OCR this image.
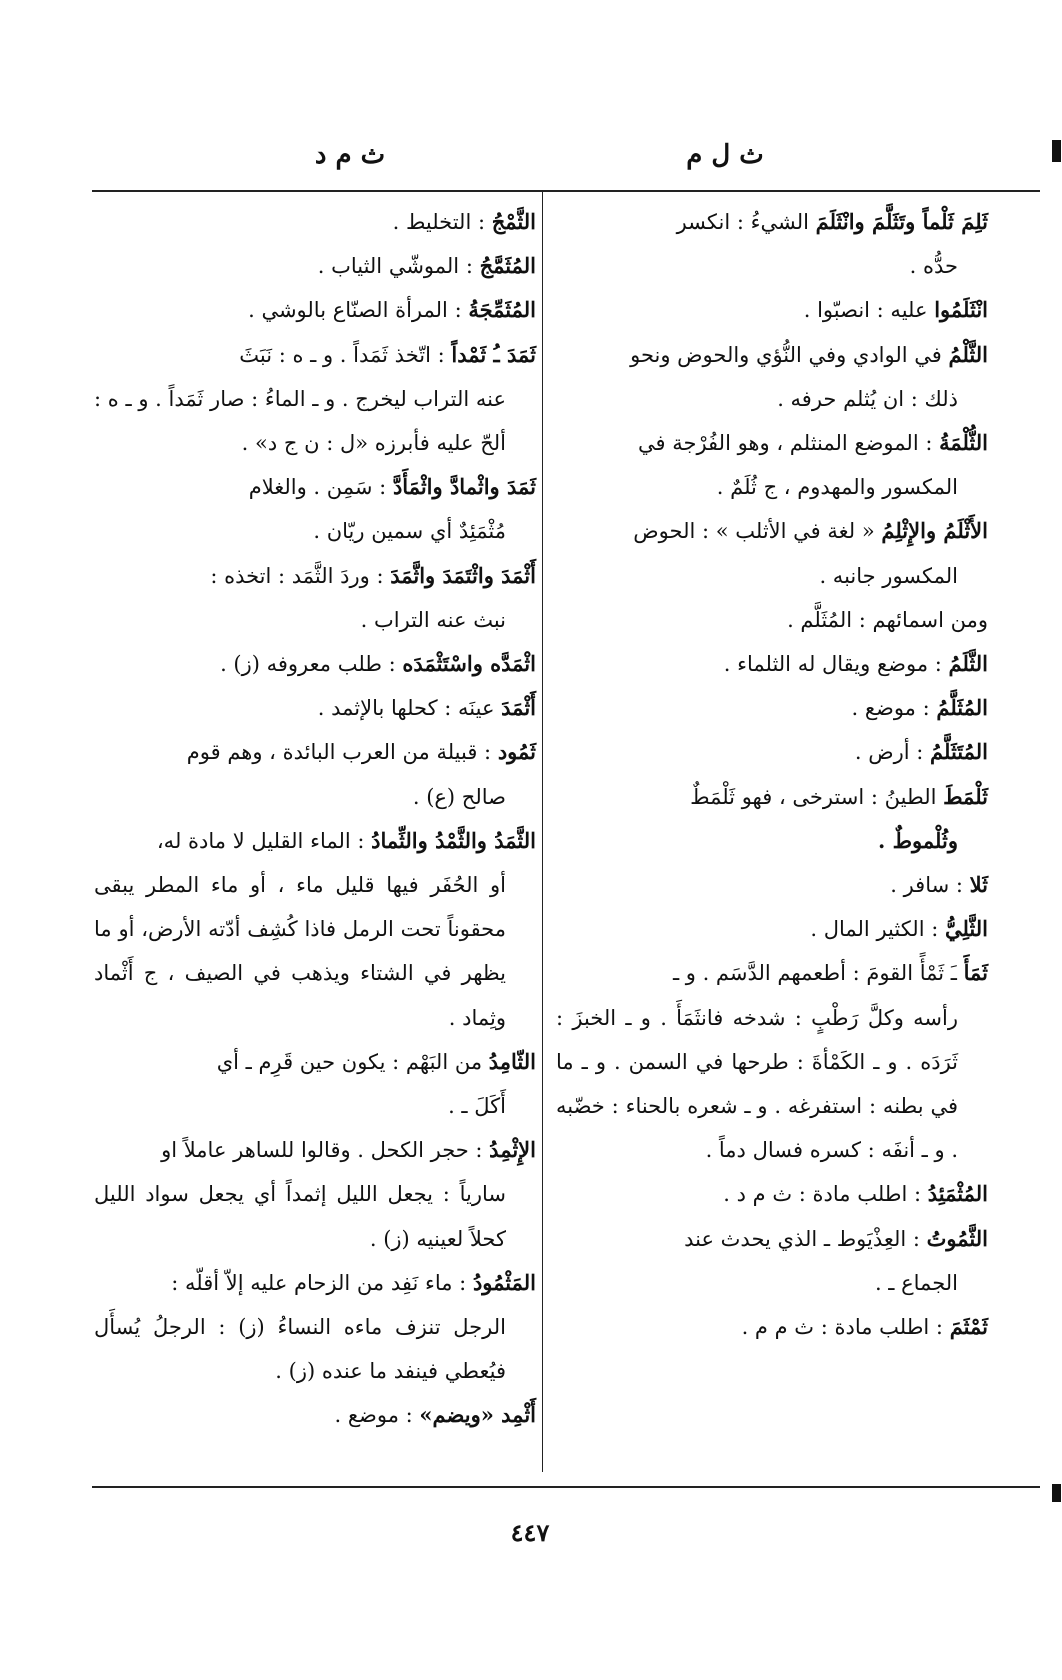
ث ل م
ث م د

ثَلِمَ ثَلْماً وتَثَلَّمَ وانْثَلَمَ الشيءُ : انكسر
حدُّه .

انْثَلَمُوا عليه : انصبّوا .

الثَّلْمُ في الوادي وفي النُّؤي والحوض ونحو
ذلك : ان يُثلم حرفه .

الثُّلْمَةُ : الموضع المنثلم ، وهو الفُرْجة في
المكسور والمهدوم ، ج ثُلَمٌ .

الأَثْلَمُ والإِثْلِمُ « لغة في الأثلب » : الحوض
المكسور جانبه .

ومن اسمائهم : المُثَلَّم .

الثَّلَمُ : موضع ويقال له الثلماء .

المُثَلَّمُ : موضع .

المُتَثَلَّمُ : أرض .

ثَلْمَطَ الطينُ : استرخى ، فهو ثَلْمَطٌ
وثُلْموطٌ .

ثَلا : سافر .

الثَّلِيُّ : الكثير المال .

ثَمَأَ ـَ ثَمْأً القومَ : أطعمهم الدَّسَم . و ـ
رأسه وكلَّ رَطْبٍ : شدخه فانثَمَأَ . و ـ الخبزَ : ثَرَدَه . و ـ الكَمْأةَ : طرحها في السمن . و ـ ما في بطنه : استفرغه . و ـ شعره بالحناء : خضّبه . و ـ أنفَه : كسره فسال دماً .

المُثْمَئِدُ : اطلب مادة : ث م د .

الثَّمُوتُ : العِذْيَوط ـ الذي يحدث عند
الجماع ـ .

ثَمْثَمَ : اطلب مادة : ث م م .

الثَّمْجُ : التخليط .

المُثَمَّجُ : الموشّي الثياب .

المُثَمِّجَةُ : المرأة الصنّاع بالوشي .

ثَمَدَ ـُ ثَمْداً : اتّخذ ثَمَداً . و ـ ه : نَبَثَ
عنه التراب ليخرج . و ـ الماءُ : صار ثَمَداً . و ـ ه : ألحّ عليه فأبرزه «ل : ن ج د» .

ثَمَدَ واثْمادَّ واثْمَأَدَّ : سَمِن . والغلام
مُثْمَئِدٌ أي سمين ريّان .

أَثْمَدَ واثْتَمَدَ واثَّمَدَ : وردَ الثَّمَد : اتخذه :
نبث عنه التراب .

اثْمَدَّه واسْتَثْمَدَه : طلب معروفه (ز) .

أَثْمَدَ عينَه : كحلها بالإثمد .

ثَمُود : قبيلة من العرب البائدة ، وهم قوم
صالح (ع) .

الثَّمَدُ والثَّمْدُ والثِّمادُ : الماء القليل لا مادة له،
أو الحُفَر فيها قليل ماء ، أو ماء المطر يبقى محقوناً تحت الرمل فاذا كُشِف أدّته الأرض، أو ما يظهر في الشتاء ويذهب في الصيف ، ج أَثْماد وثِماد .

الثّامِدُ من البَهْم : يكون حين قَرِم ـ أي
أَكَلَ ـ .

الإِثْمِدُ : حجر الكحل . وقالوا للساهر عاملاً او
سارياً : يجعل الليل إثمداً أي يجعل سواد الليل كحلاً لعينيه (ز) .

المَثْمُودُ : ماء نَفِد من الزحام عليه إلاّ أقلّه :
الرجل تنزف ماءه النساءُ (ز) : الرجلُ يُسأَل فيُعطي فينفد ما عنده (ز) .

أَثْمِد «ويضم» : موضع .

٤٤٧
